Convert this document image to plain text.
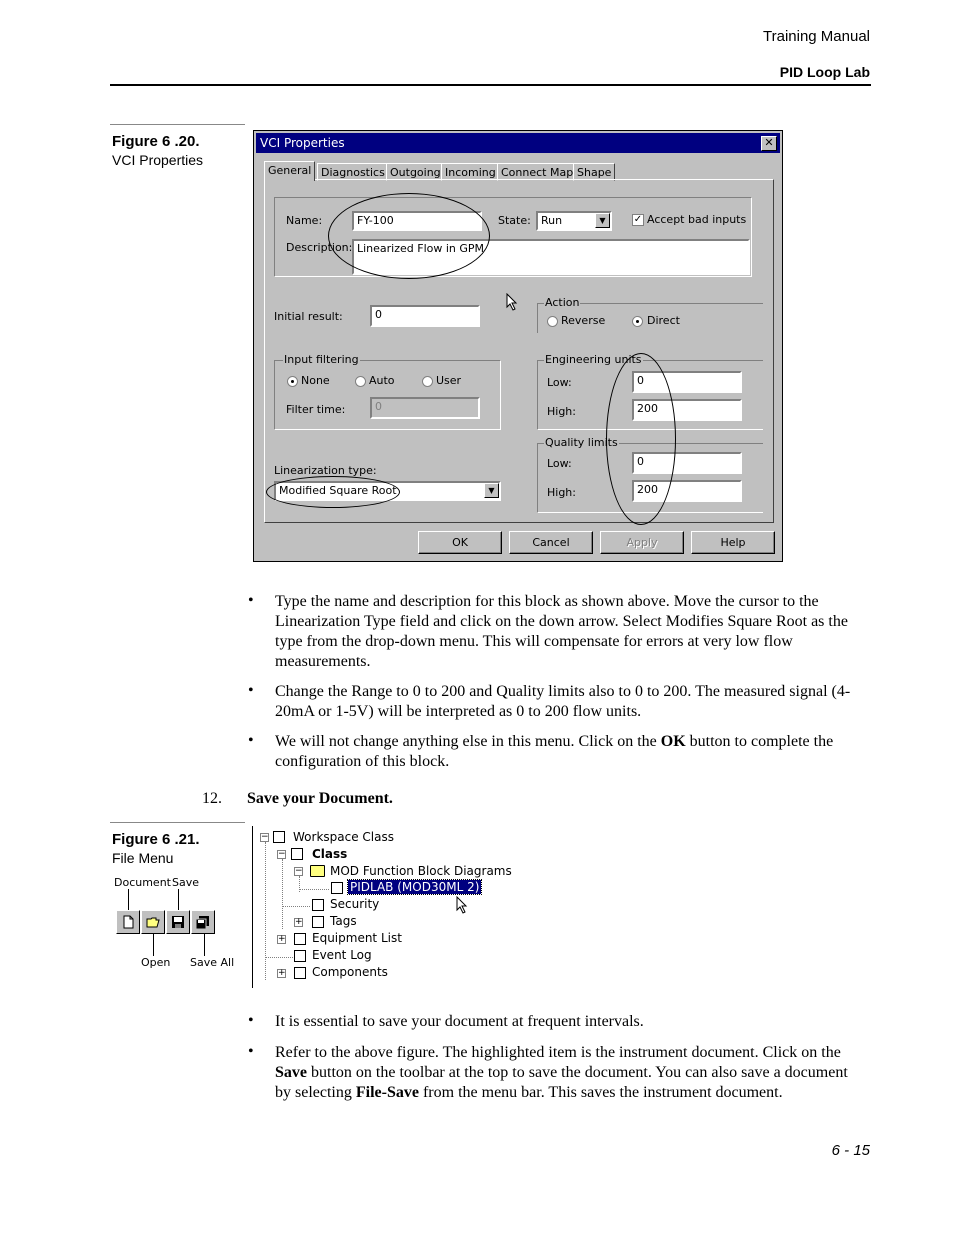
Training Manual
PID Loop Lab
Figure 6 .20.
VCI Properties
VCI Properties	✕
General Diagnostics Outgoing Incoming Connect Map Shape
Name:	FY-100	State: Run	▼	✓ Accept bad inputs
Description: Linearized Flow in GPM
Initial result:	0
Action
Reverse	Direct
Input filtering
None	Auto	User
Filter time:	0
Engineering units
Low:	0
High:	200
Quality limits
Low:	0
High:	200
Linearization type:
Modified Square Root	▼
OK	Cancel	Apply	Help
• Type the name and description for this block as shown above. Move the cursor to the Linearization Type field and click on the down arrow. Select Modifies Square Root as the type from the drop-down menu. This will compensate for errors at very low flow measurements.
• Change the Range to 0 to 200 and Quality limits also to 0 to 200. The measured signal (4-20mA or 1-5V) will be interpreted as 0 to 200 flow units.
• We will not change anything else in this menu. Click on the OK button to complete the configuration of this block.
12. Save your Document.
Figure 6 .21.
File Menu
Document Save
Open Save All
− Workspace Class
− Class
− MOD Function Block Diagrams
PIDLAB (MOD30ML 2)
Security
+ Tags
+ Equipment List
Event Log
+ Components
• It is essential to save your document at frequent intervals.
• Refer to the above figure. The highlighted item is the instrument document. Click on the Save button on the toolbar at the top to save the document. You can also save a document by selecting File-Save from the menu bar. This saves the instrument document.
6 - 15
